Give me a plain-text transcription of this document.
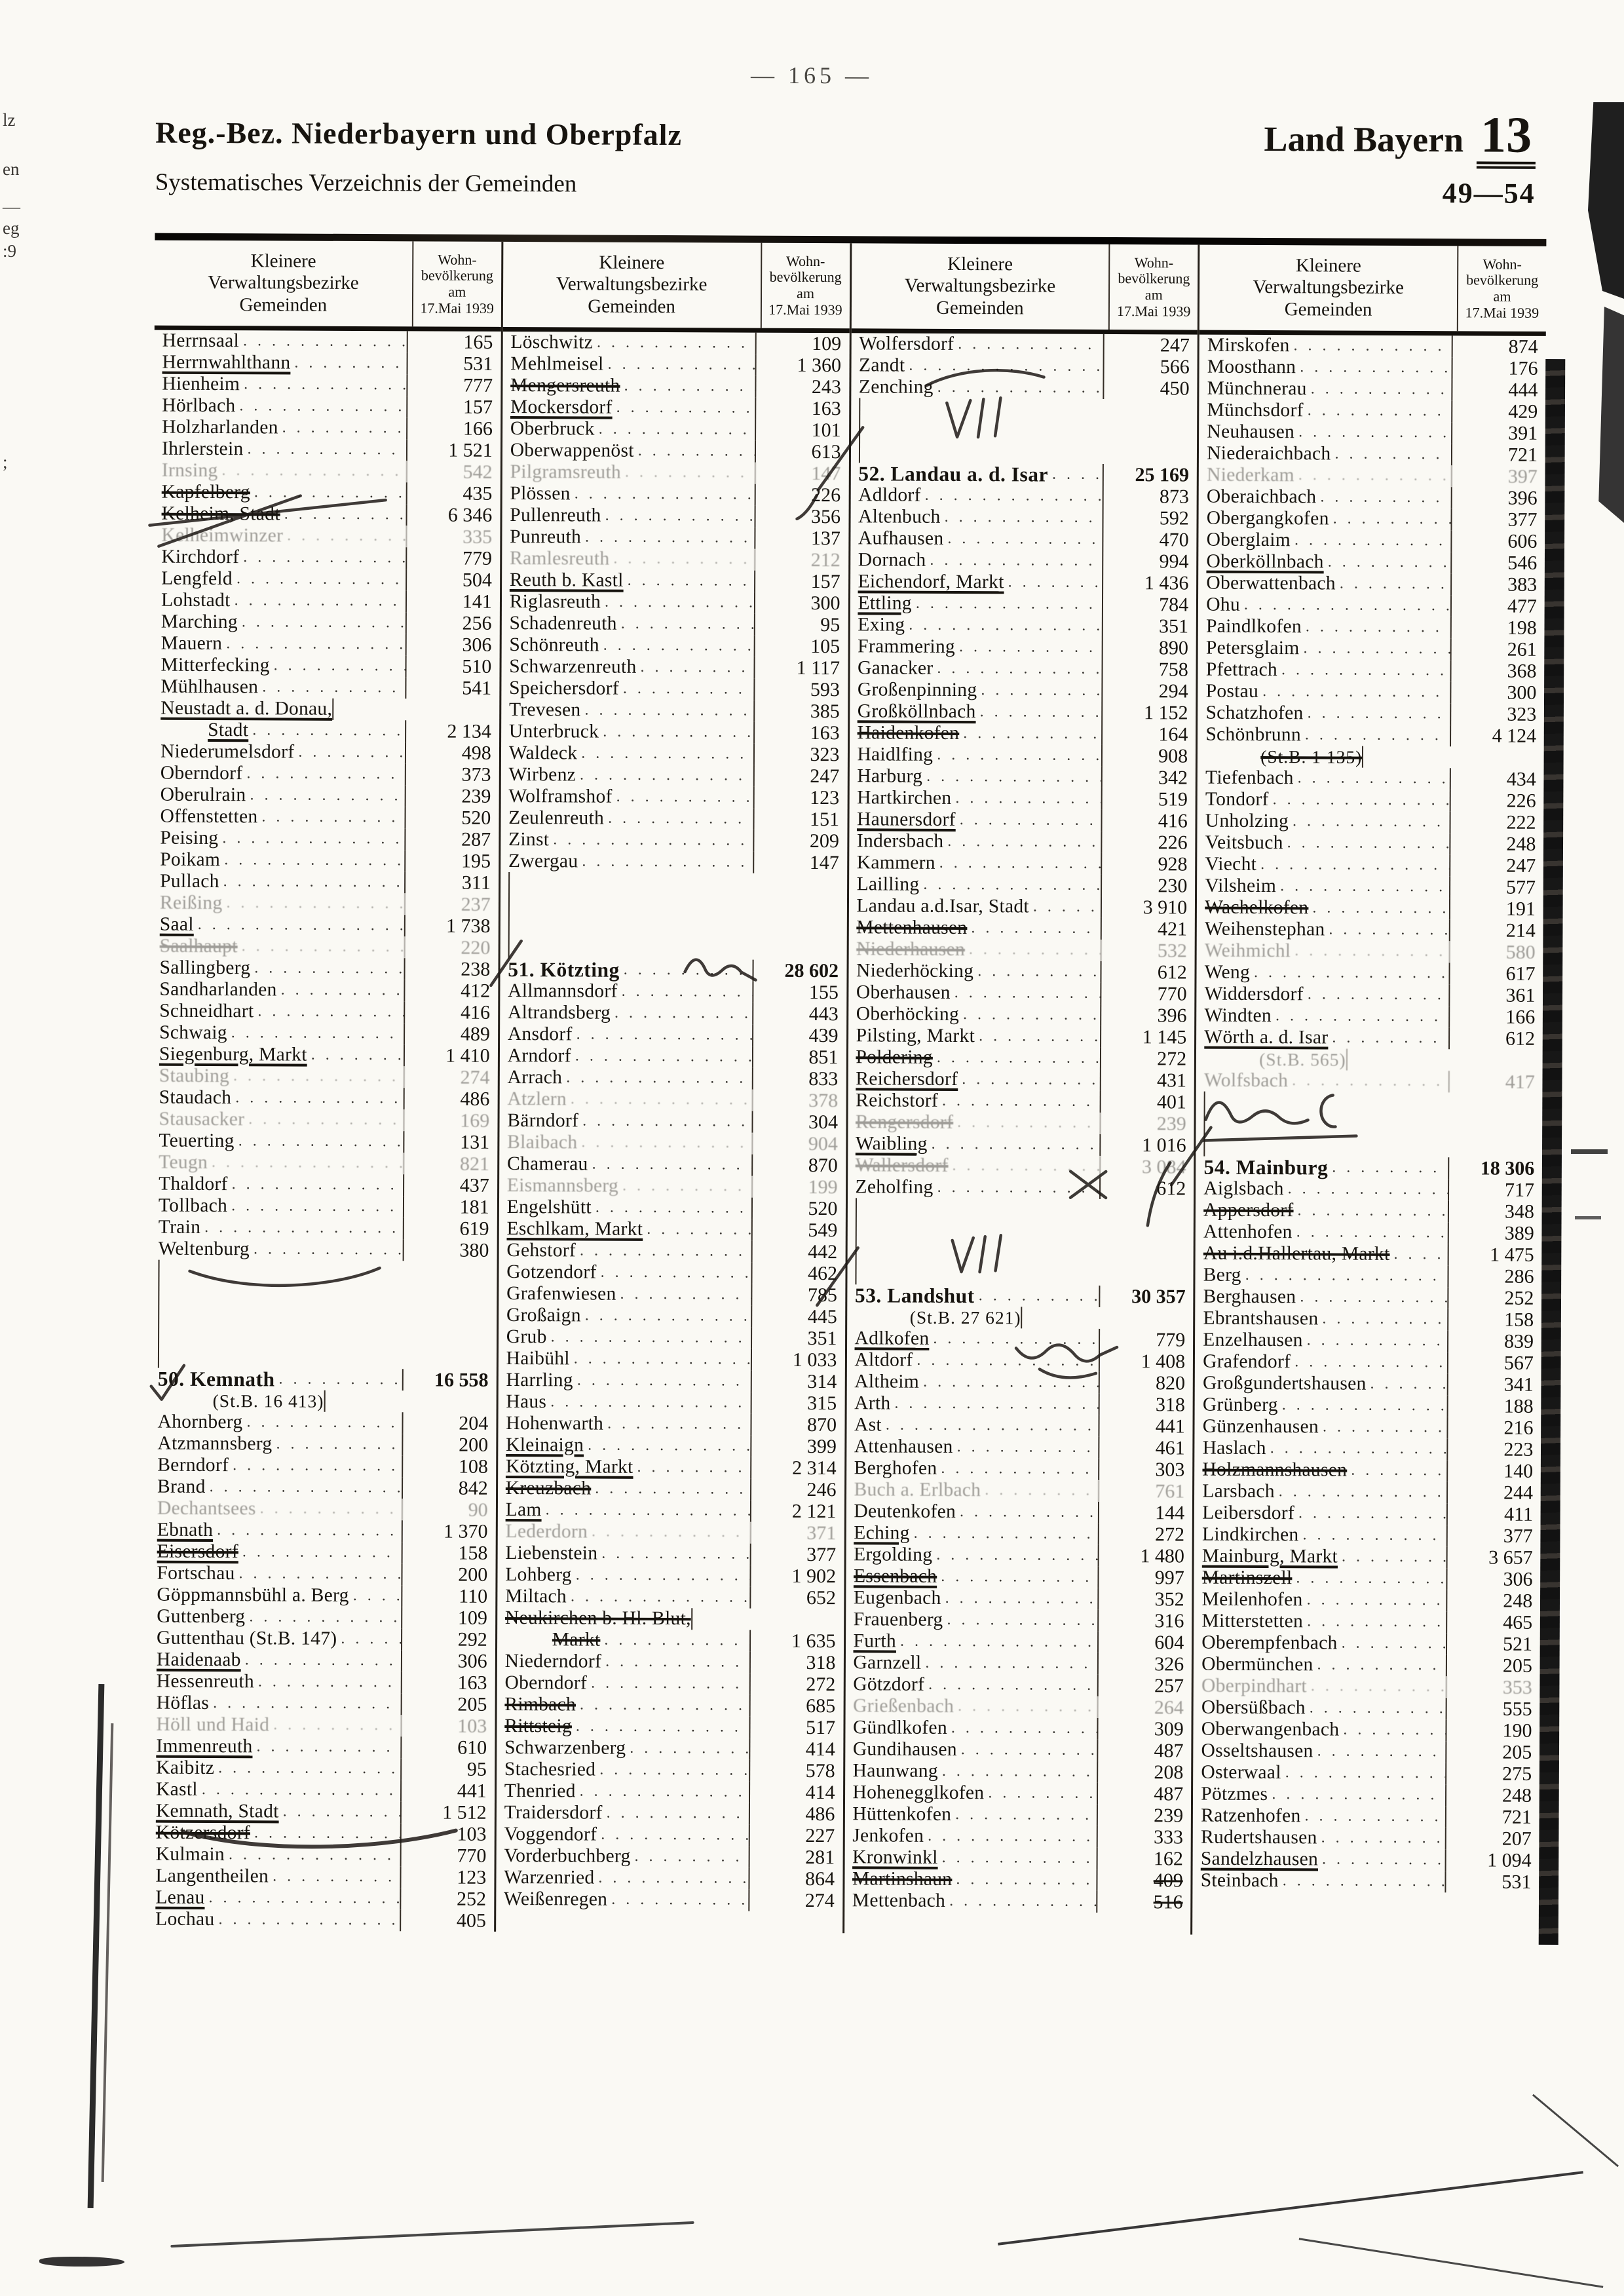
— 165 —
Reg.-Bez. Niederbayern und Oberpfalz
Systematisches Verzeichnis der Gemeinden
Land Bayern 13
49—54
Kleinere
Verwaltungsbezirke
Gemeinden
Wohn-
bevölkerung
am
17.Mai 1939
Herrnsaal . . .	165
Herrnwahlthann . . .	531
Hienheim . . .	777
Hörlbach . . .	157
Holzharlanden . . .	166
Ihrlerstein . . .	1 521
Irnsing . . .	542
Kapfelberg . . .	435
Kelheim, Stadt . . .	6 346
Kelheimwinzer . . .	335
Kirchdorf . . .	779
Lengfeld . . .	504
Lohstadt . . .	141
Marching . . .	256
Mauern . . .	306
Mitterfecking . . .	510
Mühlhausen . . .	541
Neustadt a. d. Donau,
Stadt . . .	2 134
Niederumelsdorf . . .	498
Oberndorf . . .	373
Oberulrain . . .	239
Offenstetten . . .	520
Peising . . .	287
Poikam . . .	195
Pullach . . .	311
Reißing . . .	237
Saal . . .	1 738
Saalhaupt . . .	220
Sallingberg . . .	238
Sandharlanden . . .	412
Schneidhart . . .	416
Schwaig . . .	489
Siegenburg, Markt . . .	1 410
Staubing . . .	274
Staudach . . .	486
Stausacker . . .	169
Teuerting . . .	131
Teugn . . .	821
Thaldorf . . .	437
Tollbach . . .	181
Train . . .	619
Weltenburg . . .	380
50. Kemnath . . .	16 558
(St.B. 16 413)
Ahornberg . . .	204
Atzmannsberg . . .	200
Berndorf . . .	108
Brand . . .	842
Dechantsees . . .	90
Ebnath . . .	1 370
Eisersdorf . . .	158
Fortschau . . .	200
Göppmannsbühl a. Berg . . .	110
Guttenberg . . .	109
Guttenthau (St.B. 147) . . .	292
Haidenaab . . .	306
Hessenreuth . . .	163
Höflas . . .	205
Höll und Haid . . .	103
Immenreuth . . .	610
Kaibitz . . .	95
Kastl . . .	441
Kemnath, Stadt . . .	1 512
Kötzersdorf . . .	103
Kulmain . . .	770
Langentheilen . . .	123
Lenau . . .	252
Lochau . . .	405
Kleinere
Verwaltungsbezirke
Gemeinden
Wohn-
bevölkerung
am
17.Mai 1939
Löschwitz . . .	109
Mehlmeisel . . .	1 360
Mengersreuth . . .	243
Mockersdorf . . .	163
Oberbruck . . .	101
Oberwappenöst . . .	613
Pilgramsreuth . . .	147
Plössen . . .	226
Pullenreuth . . .	356
Punreuth . . .	137
Ramlesreuth . . .	212
Reuth b. Kastl . . .	157
Riglasreuth . . .	300
Schadenreuth . . .	95
Schönreuth . . .	105
Schwarzenreuth . . .	1 117
Speichersdorf . . .	593
Trevesen . . .	385
Unterbruck . . .	163
Waldeck . . .	323
Wirbenz . . .	247
Wolframshof . . .	123
Zeulenreuth . . .	151
Zinst . . .	209
Zwergau . . .	147
51. Kötzting . . .	28 602
Allmannsdorf . . .	155
Altrandsberg . . .	443
Ansdorf . . .	439
Arndorf . . .	851
Arrach . . .	833
Atzlern . . .	378
Bärndorf . . .	304
Blaibach . . .	904
Chamerau . . .	870
Eismannsberg . . .	199
Engelshütt . . .	520
Eschlkam, Markt . . .	549
Gehstorf . . .	442
Gotzendorf . . .	462
Grafenwiesen . . .	785
Großaign . . .	445
Grub . . .	351
Haibühl . . .	1 033
Harrling . . .	314
Haus . . .	315
Hohenwarth . . .	870
Kleinaign . . .	399
Kötzting, Markt . . .	2 314
Kreuzbach . . .	246
Lam . . .	2 121
Lederdorn . . .	371
Liebenstein . . .	377
Lohberg . . .	1 902
Miltach . . .	652
Neukirchen b. Hl. Blut,
Markt . . .	1 635
Niederndorf . . .	318
Oberndorf . . .	272
Rimbach . . .	685
Rittsteig . . .	517
Schwarzenberg . . .	414
Stachesried . . .	578
Thenried . . .	414
Traidersdorf . . .	486
Voggendorf . . .	227
Vorderbuchberg . . .	281
Warzenried . . .	864
Weißenregen . . .	274
Kleinere
Verwaltungsbezirke
Gemeinden
Wohn-
bevölkerung
am
17.Mai 1939
Wolfersdorf . . .	247
Zandt . . .	566
Zenching . . .	450
52. Landau a. d. Isar . . .	25 169
Adldorf . . .	873
Altenbuch . . .	592
Aufhausen . . .	470
Dornach . . .	994
Eichendorf, Markt . . .	1 436
Ettling . . .	784
Exing . . .	351
Frammering . . .	890
Ganacker . . .	758
Großenpinning . . .	294
Großköllnbach . . .	1 152
Haidenkofen . . .	164
Haidlfing . . .	908
Harburg . . .	342
Hartkirchen . . .	519
Haunersdorf . . .	416
Indersbach . . .	226
Kammern . . .	928
Lailling . . .	230
Landau a.d.Isar, Stadt . . .	3 910
Mettenhausen . . .	421
Niederhausen . . .	532
Niederhöcking . . .	612
Oberhausen . . .	770
Oberhöcking . . .	396
Pilsting, Markt . . .	1 145
Poldering . . .	272
Reichersdorf . . .	431
Reichstorf . . .	401
Rengersdorf . . .	239
Waibling . . .	1 016
Wallersdorf . . .	3 084
Zeholfing . . .	612
53. Landshut . . .	30 357
(St.B. 27 621)
Adlkofen . . .	779
Altdorf . . .	1 408
Altheim . . .	820
Arth . . .	318
Ast . . .	441
Attenhausen . . .	461
Berghofen . . .	303
Buch a. Erlbach . . .	761
Deutenkofen . . .	144
Eching . . .	272
Ergolding . . .	1 480
Essenbach . . .	997
Eugenbach . . .	352
Frauenberg . . .	316
Furth . . .	604
Garnzell . . .	326
Götzdorf . . .	257
Grießenbach . . .	264
Gündlkofen . . .	309
Gundihausen . . .	487
Haunwang . . .	208
Hohenegglkofen . . .	487
Hüttenkofen . . .	239
Jenkofen . . .	333
Kronwinkl . . .	162
Martinshaun . . .	409
Mettenbach . . .	516
Kleinere
Verwaltungsbezirke
Gemeinden
Wohn-
bevölkerung
am
17.Mai 1939
Mirskofen . . .	874
Moosthann . . .	176
Münchnerau . . .	444
Münchsdorf . . .	429
Neuhausen . . .	391
Niederaichbach . . .	721
Niederkam . . .	397
Oberaichbach . . .	396
Obergangkofen . . .	377
Oberglaim . . .	606
Oberköllnbach . . .	546
Oberwattenbach . . .	383
Ohu . . .	477
Paindlkofen . . .	198
Petersglaim . . .	261
Pfettrach . . .	368
Postau . . .	300
Schatzhofen . . .	323
Schönbrunn . . .	4 124
(St.B. 1 135)
Tiefenbach . . .	434
Tondorf . . .	226
Unholzing . . .	222
Veitsbuch . . .	248
Viecht . . .	247
Vilsheim . . .	577
Wachelkofen . . .	191
Weihenstephan . . .	214
Weihmichl . . .	580
Weng . . .	617
Widdersdorf . . .	361
Windten . . .	166
Wörth a. d. Isar . . .	612
(St.B. 565)
Wolfsbach . . .	417
54. Mainburg . . .	18 306
Aiglsbach . . .	717
Appersdorf . . .	348
Attenhofen . . .	389
Au i.d.Hallertau, Markt . . .	1 475
Berg . . .	286
Berghausen . . .	252
Ebrantshausen . . .	158
Enzelhausen . . .	839
Grafendorf . . .	567
Großgundertshausen . . .	341
Grünberg . . .	188
Günzenhausen . . .	216
Haslach . . .	223
Holzmannshausen . . .	140
Larsbach . . .	244
Leibersdorf . . .	411
Lindkirchen . . .	377
Mainburg, Markt . . .	3 657
Martinszell . . .	306
Meilenhofen . . .	248
Mitterstetten . . .	465
Oberempfenbach . . .	521
Obermünchen . . .	205
Oberpindhart . . .	353
Obersüßbach . . .	555
Oberwangenbach . . .	190
Osseltshausen . . .	205
Osterwaal . . .	275
Pötzmes . . .	248
Ratzenhofen . . .	721
Rudertshausen . . .	207
Sandelzhausen . . .	1 094
Steinbach . . .	531
lz
en
—
eg
:9
;
